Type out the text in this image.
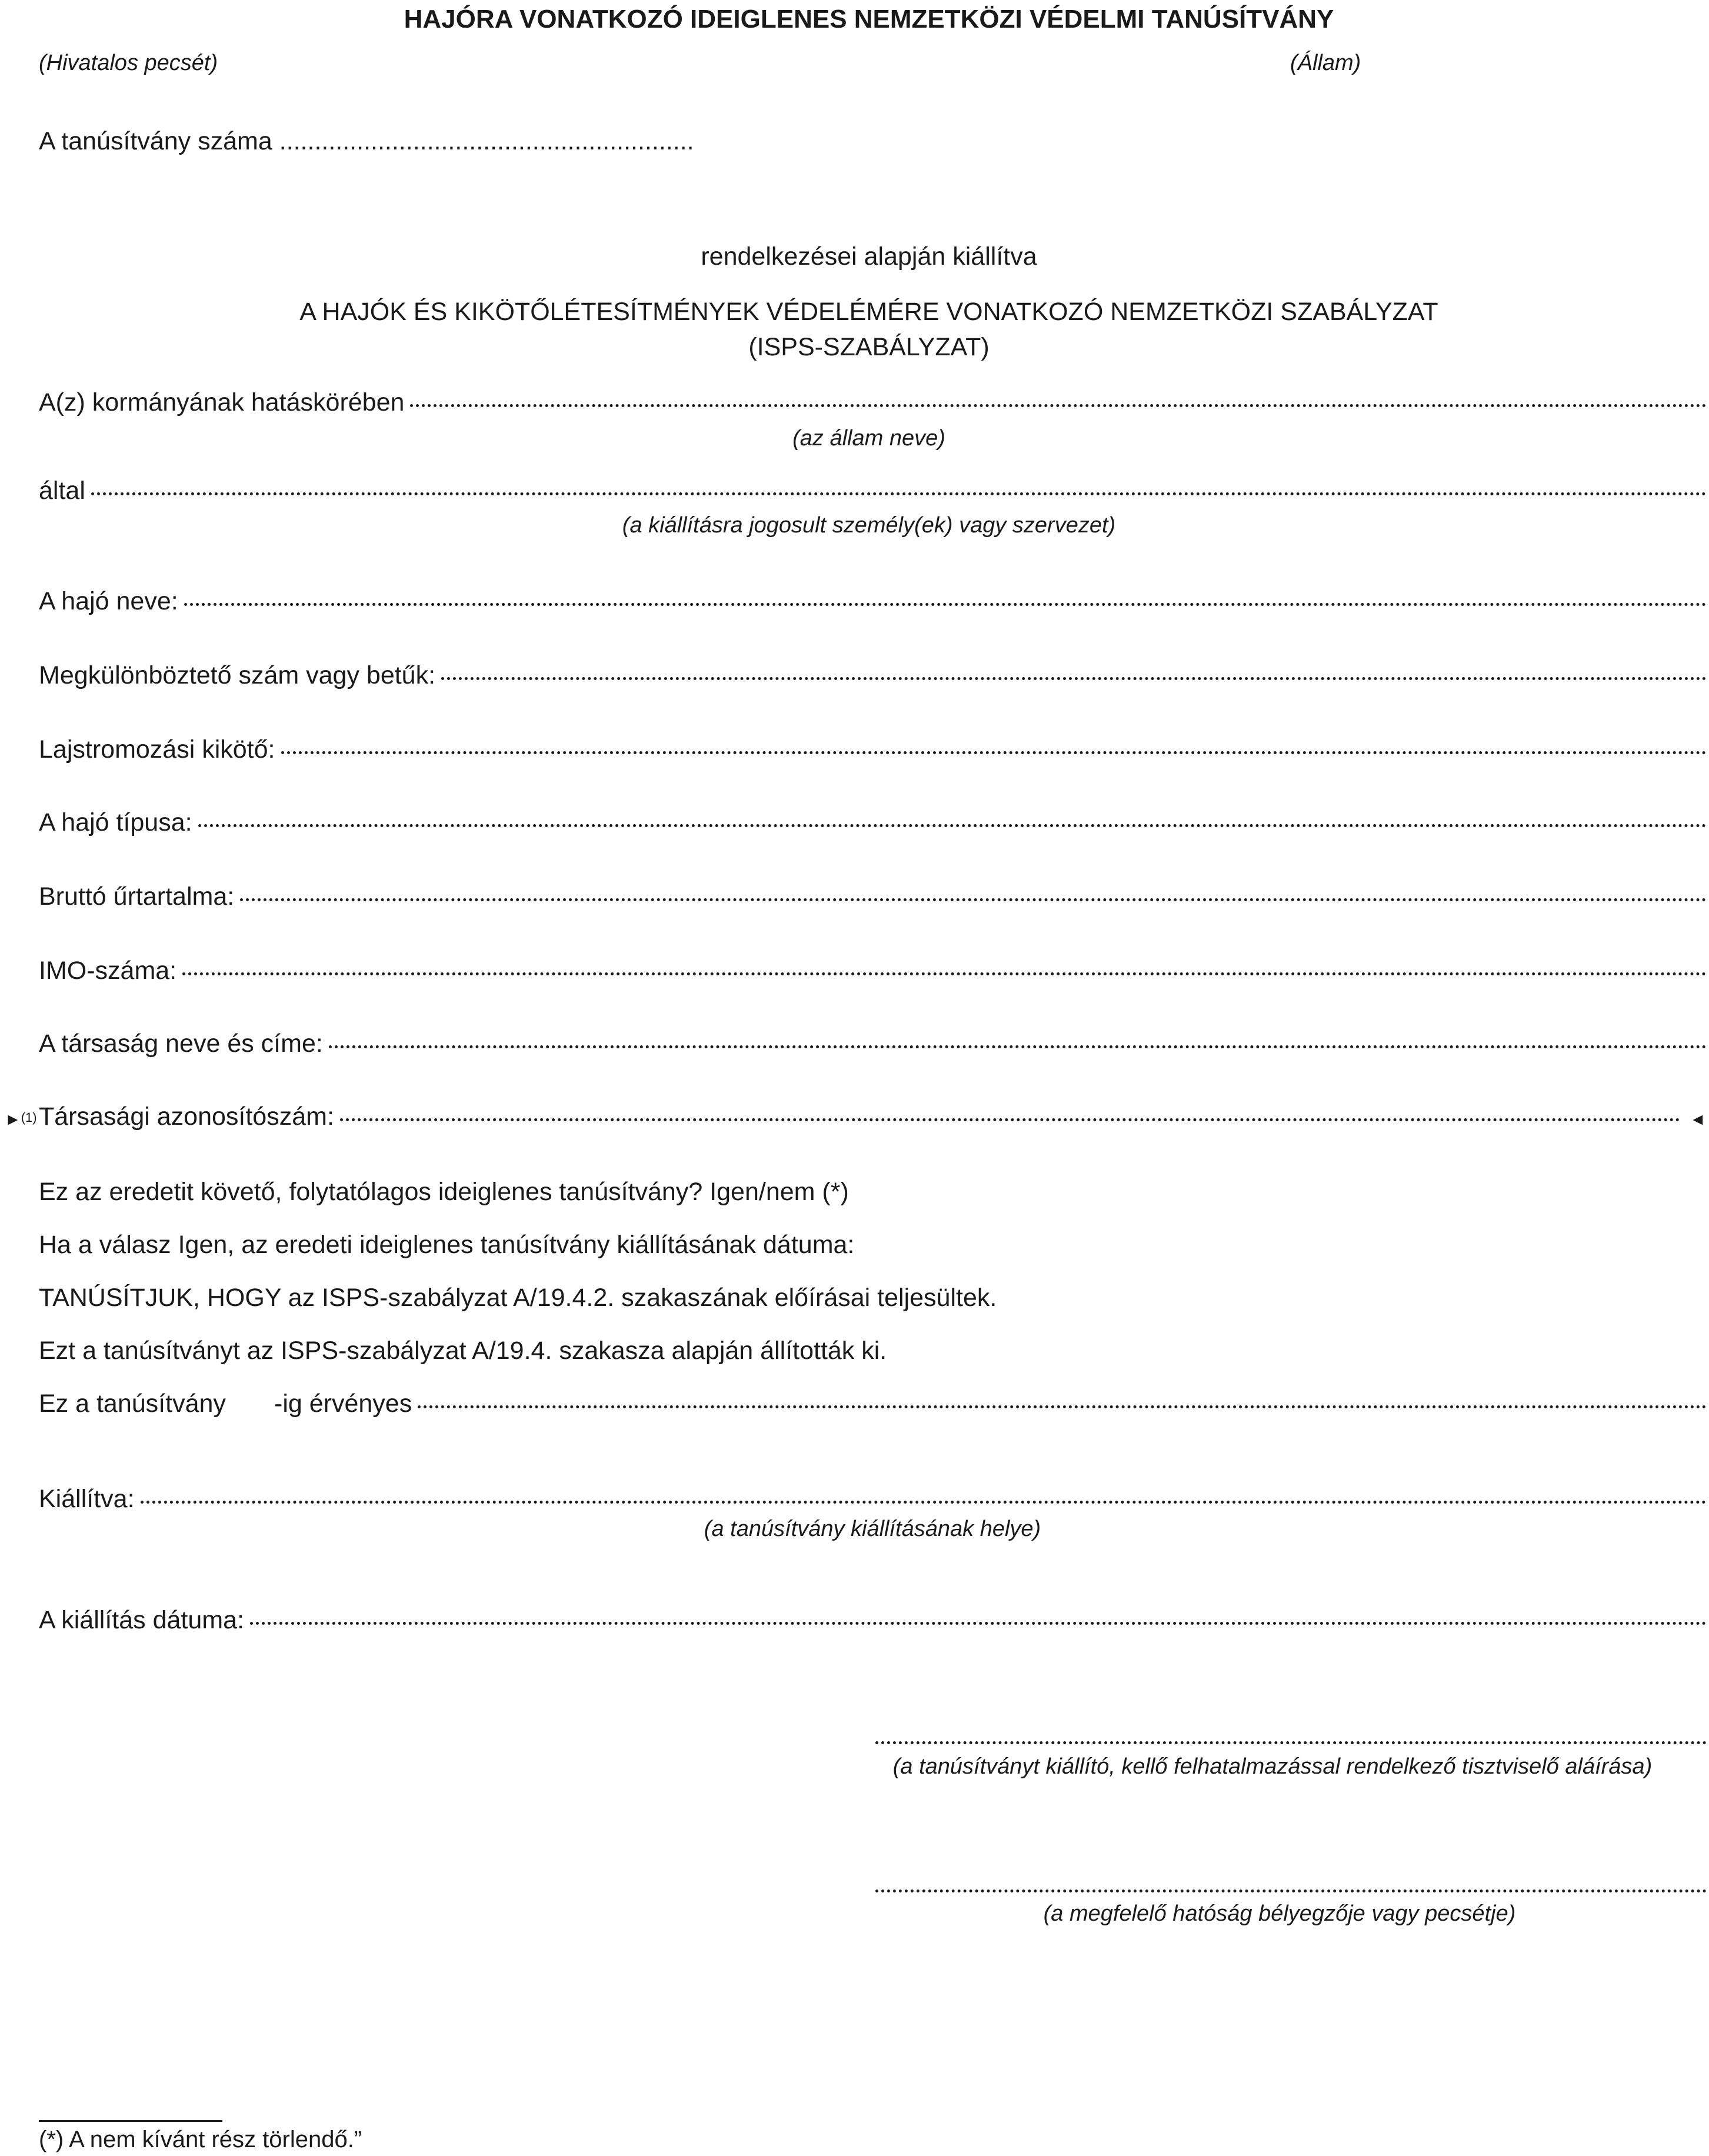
HAJÓRA VONATKOZÓ IDEIGLENES NEMZETKÖZI VÉDELMI TANÚSÍTVÁNY
(Hivatalos pecsét)	(Állam)
A tanúsítvány száma ...........................................................
rendelkezései alapján kiállítva
A HAJÓK ÉS KIKÖTŐLÉTESÍTMÉNYEK VÉDELÉMÉRE VONATKOZÓ NEMZETKÖZI SZABÁLYZAT
(ISPS-SZABÁLYZAT)
A(z) kormányának hatáskörében
(az állam neve)
által
(a kiállításra jogosult személy(ek) vagy szervezet)
A hajó neve:
Megkülönböztető szám vagy betűk:
Lajstromozási kikötő:
A hajó típusa:
Bruttó űrtartalma:
IMO-száma:
A társaság neve és címe:
►$^{(1)}$ Társasági azonosítószám:	◄
Ez az eredetit követő, folytatólagos ideiglenes tanúsítvány? Igen/nem (*)
Ha a válasz Igen, az eredeti ideiglenes tanúsítvány kiállításának dátuma:
TANÚSÍTJUK, HOGY az ISPS-szabályzat A/19.4.2. szakaszának előírásai teljesültek.
Ezt a tanúsítványt az ISPS-szabályzat A/19.4. szakasza alapján állították ki.
Ez a tanúsítvány -ig érvényes
Kiállítva:
(a tanúsítvány kiállításának helye)
A kiállítás dátuma:
(a tanúsítványt kiállító, kellő felhatalmazással rendelkező tisztviselő aláírása)
(a megfelelő hatóság bélyegzője vagy pecsétje)
(*) A nem kívánt rész törlendő.”
